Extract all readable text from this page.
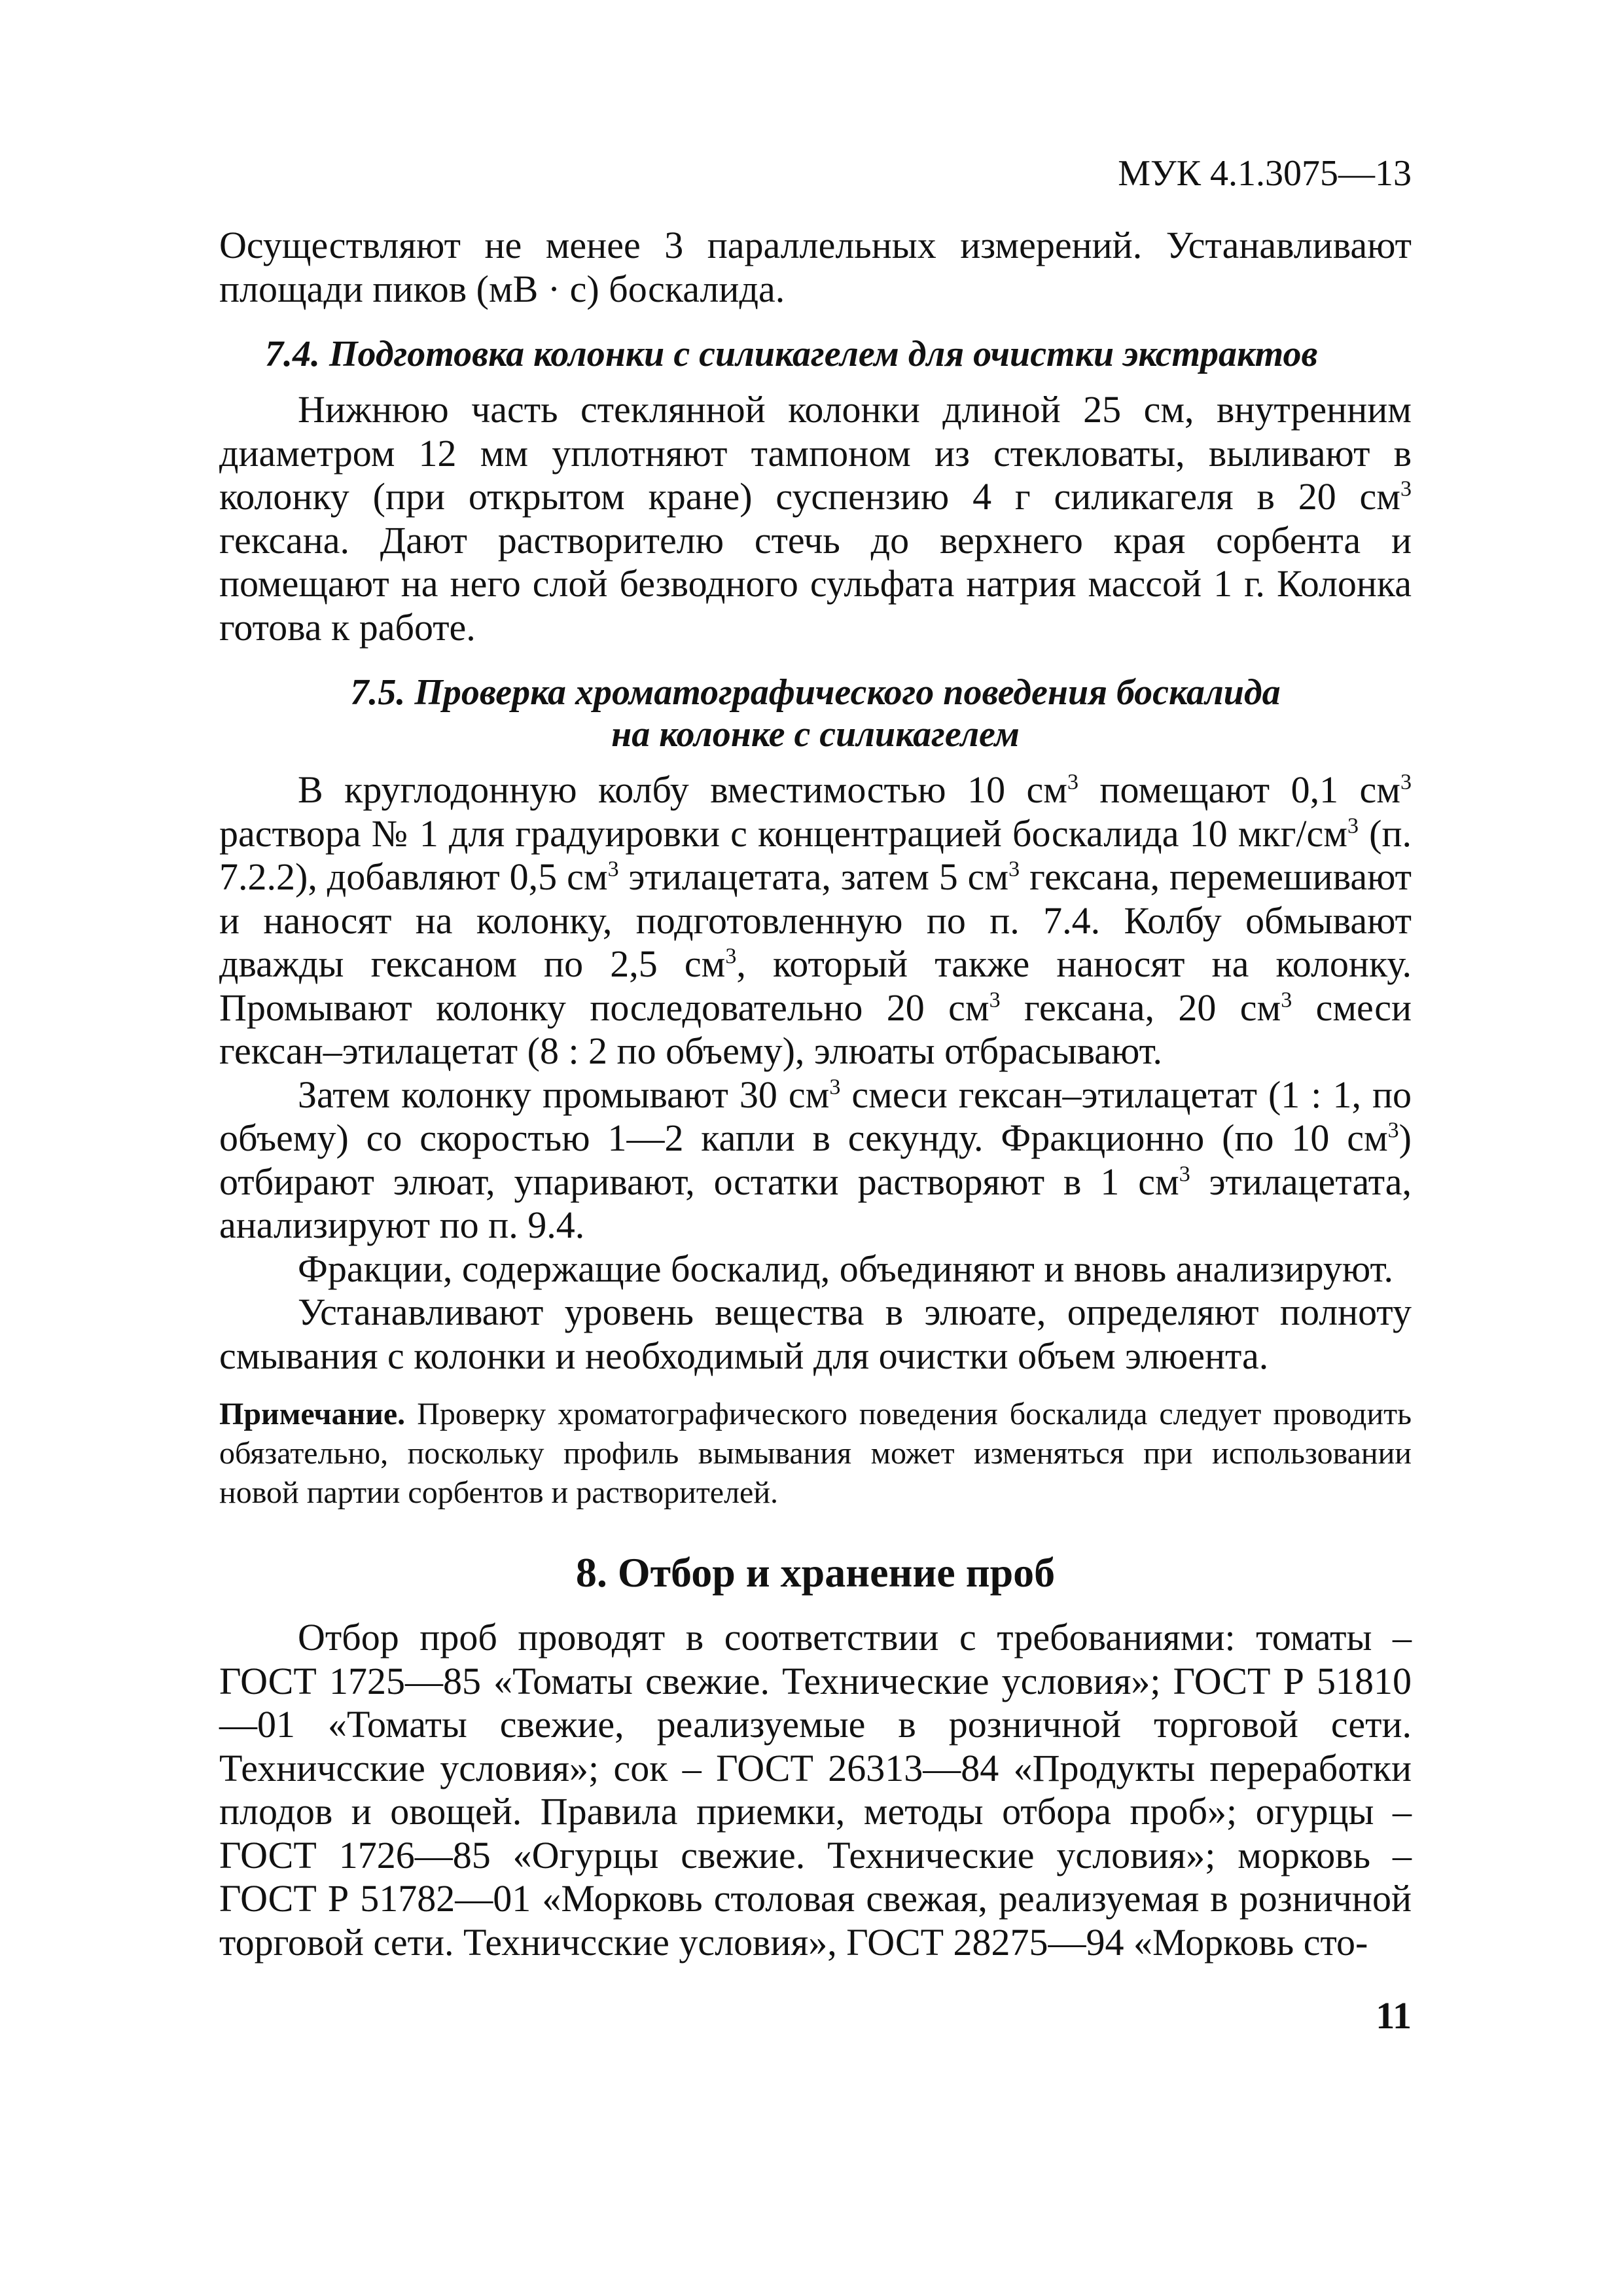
МУК 4.1.3075—13

Осуществляют не менее 3 параллельных измерений. Устанавливают площади пиков (мВ · с) боскалида.

7.4. Подготовка колонки с силикагелем для очистки экстрактов

Нижнюю часть стеклянной колонки длиной 25 см, внутренним диаметром 12 мм уплотняют тампоном из стекловаты, выливают в колонку (при открытом кране) суспензию 4 г силикагеля в 20 $см^3$ гексана. Дают растворителю стечь до верхнего края сорбента и помещают на него слой безводного сульфата натрия массой 1 г. Колонка готова к работе.

7.5. Проверка хроматографического поведения боскалида
на колонке с силикагелем

В круглодонную колбу вместимостью 10 $см^3$ помещают 0,1 $см^3$ раствора № 1 для градуировки с концентрацией боскалида 10 мкг/$см^3$ (п. 7.2.2), добавляют 0,5 $см^3$ этилацетата, затем 5 $см^3$ гексана, перемешивают и наносят на колонку, подготовленную по п. 7.4. Колбу обмывают дважды гексаном по 2,5 $см^3$, который также наносят на колонку. Промывают колонку последовательно 20 $см^3$ гексана, 20 $см^3$ смеси гексан–этилацетат (8 : 2 по объему), элюаты отбрасывают.

Затем колонку промывают 30 $см^3$ смеси гексан–этилацетат (1 : 1, по объему) со скоростью 1—2 капли в секунду. Фракционно (по 10 $см^3$) отбирают элюат, упаривают, остатки растворяют в 1 $см^3$ этилацетата, анализируют по п. 9.4.

Фракции, содержащие боскалид, объединяют и вновь анализируют.

Устанавливают уровень вещества в элюате, определяют полноту смывания с колонки и необходимый для очистки объем элюента.

Примечание. Проверку хроматографического поведения боскалида следует проводить обязательно, поскольку профиль вымывания может изменяться при использовании новой партии сорбентов и растворителей.

8. Отбор и хранение проб

Отбор проб проводят в соответствии с требованиями: томаты – ГОСТ 1725—85 «Томаты свежие. Технические условия»; ГОСТ Р 51810—01 «Томаты свежие, реализуемые в розничной торговой сети. Техничсские условия»; сок – ГОСТ 26313—84 «Продукты переработки плодов и овощей. Правила приемки, методы отбора проб»; огурцы – ГОСТ 1726—85 «Огурцы свежие. Технические условия»; морковь – ГОСТ Р 51782—01 «Морковь столовая свежая, реализуемая в розничной торговой сети. Техничсские условия», ГОСТ 28275—94 «Морковь сто-

11
